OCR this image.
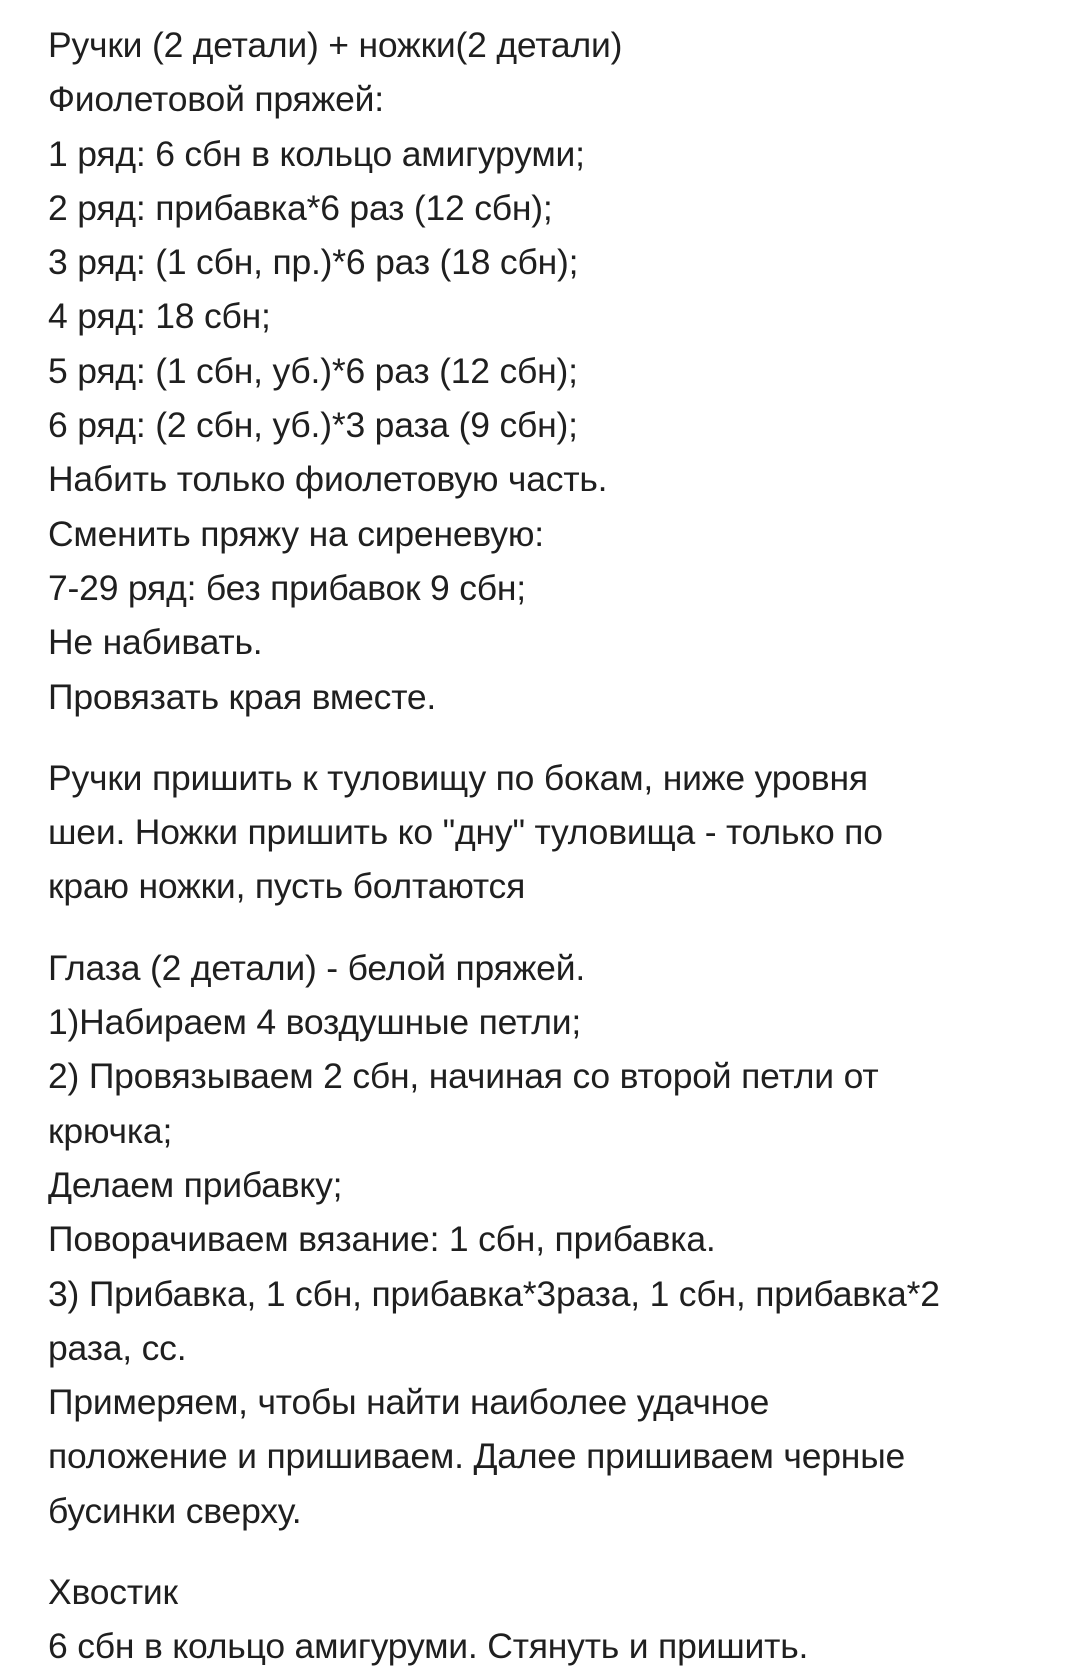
Ручки (2 детали) + ножки(2 детали)
Фиолетовой пряжей:
1 ряд: 6 сбн в кольцо амигуруми;
2 ряд: прибавка*6 раз (12 сбн);
3 ряд: (1 сбн, пр.)*6 раз (18 сбн);
4 ряд: 18 сбн;
5 ряд: (1 сбн, уб.)*6 раз (12 сбн);
6 ряд: (2 сбн, уб.)*3 раза (9 сбн);
Набить только фиолетовую часть.
Сменить пряжу на сиреневую:
7-29 ряд: без прибавок 9 сбн;
Не набивать.
Провязать края вместе.
Ручки пришить к туловищу по бокам, ниже уровня
шеи. Ножки пришить ко "дну" туловища - только по
краю ножки, пусть болтаются
Глаза (2 детали) - белой пряжей.
1)Набираем 4 воздушные петли;
2) Провязываем 2 сбн, начиная со второй петли от
крючка;
Делаем прибавку;
Поворачиваем вязание: 1 сбн, прибавка.
3) Прибавка, 1 сбн, прибавка*3раза, 1 сбн, прибавка*2
раза, сс.
Примеряем, чтобы найти наиболее удачное
положение и пришиваем. Далее пришиваем черные
бусинки сверху.
Хвостик
6 сбн в кольцо амигуруми. Стянуть и пришить.
